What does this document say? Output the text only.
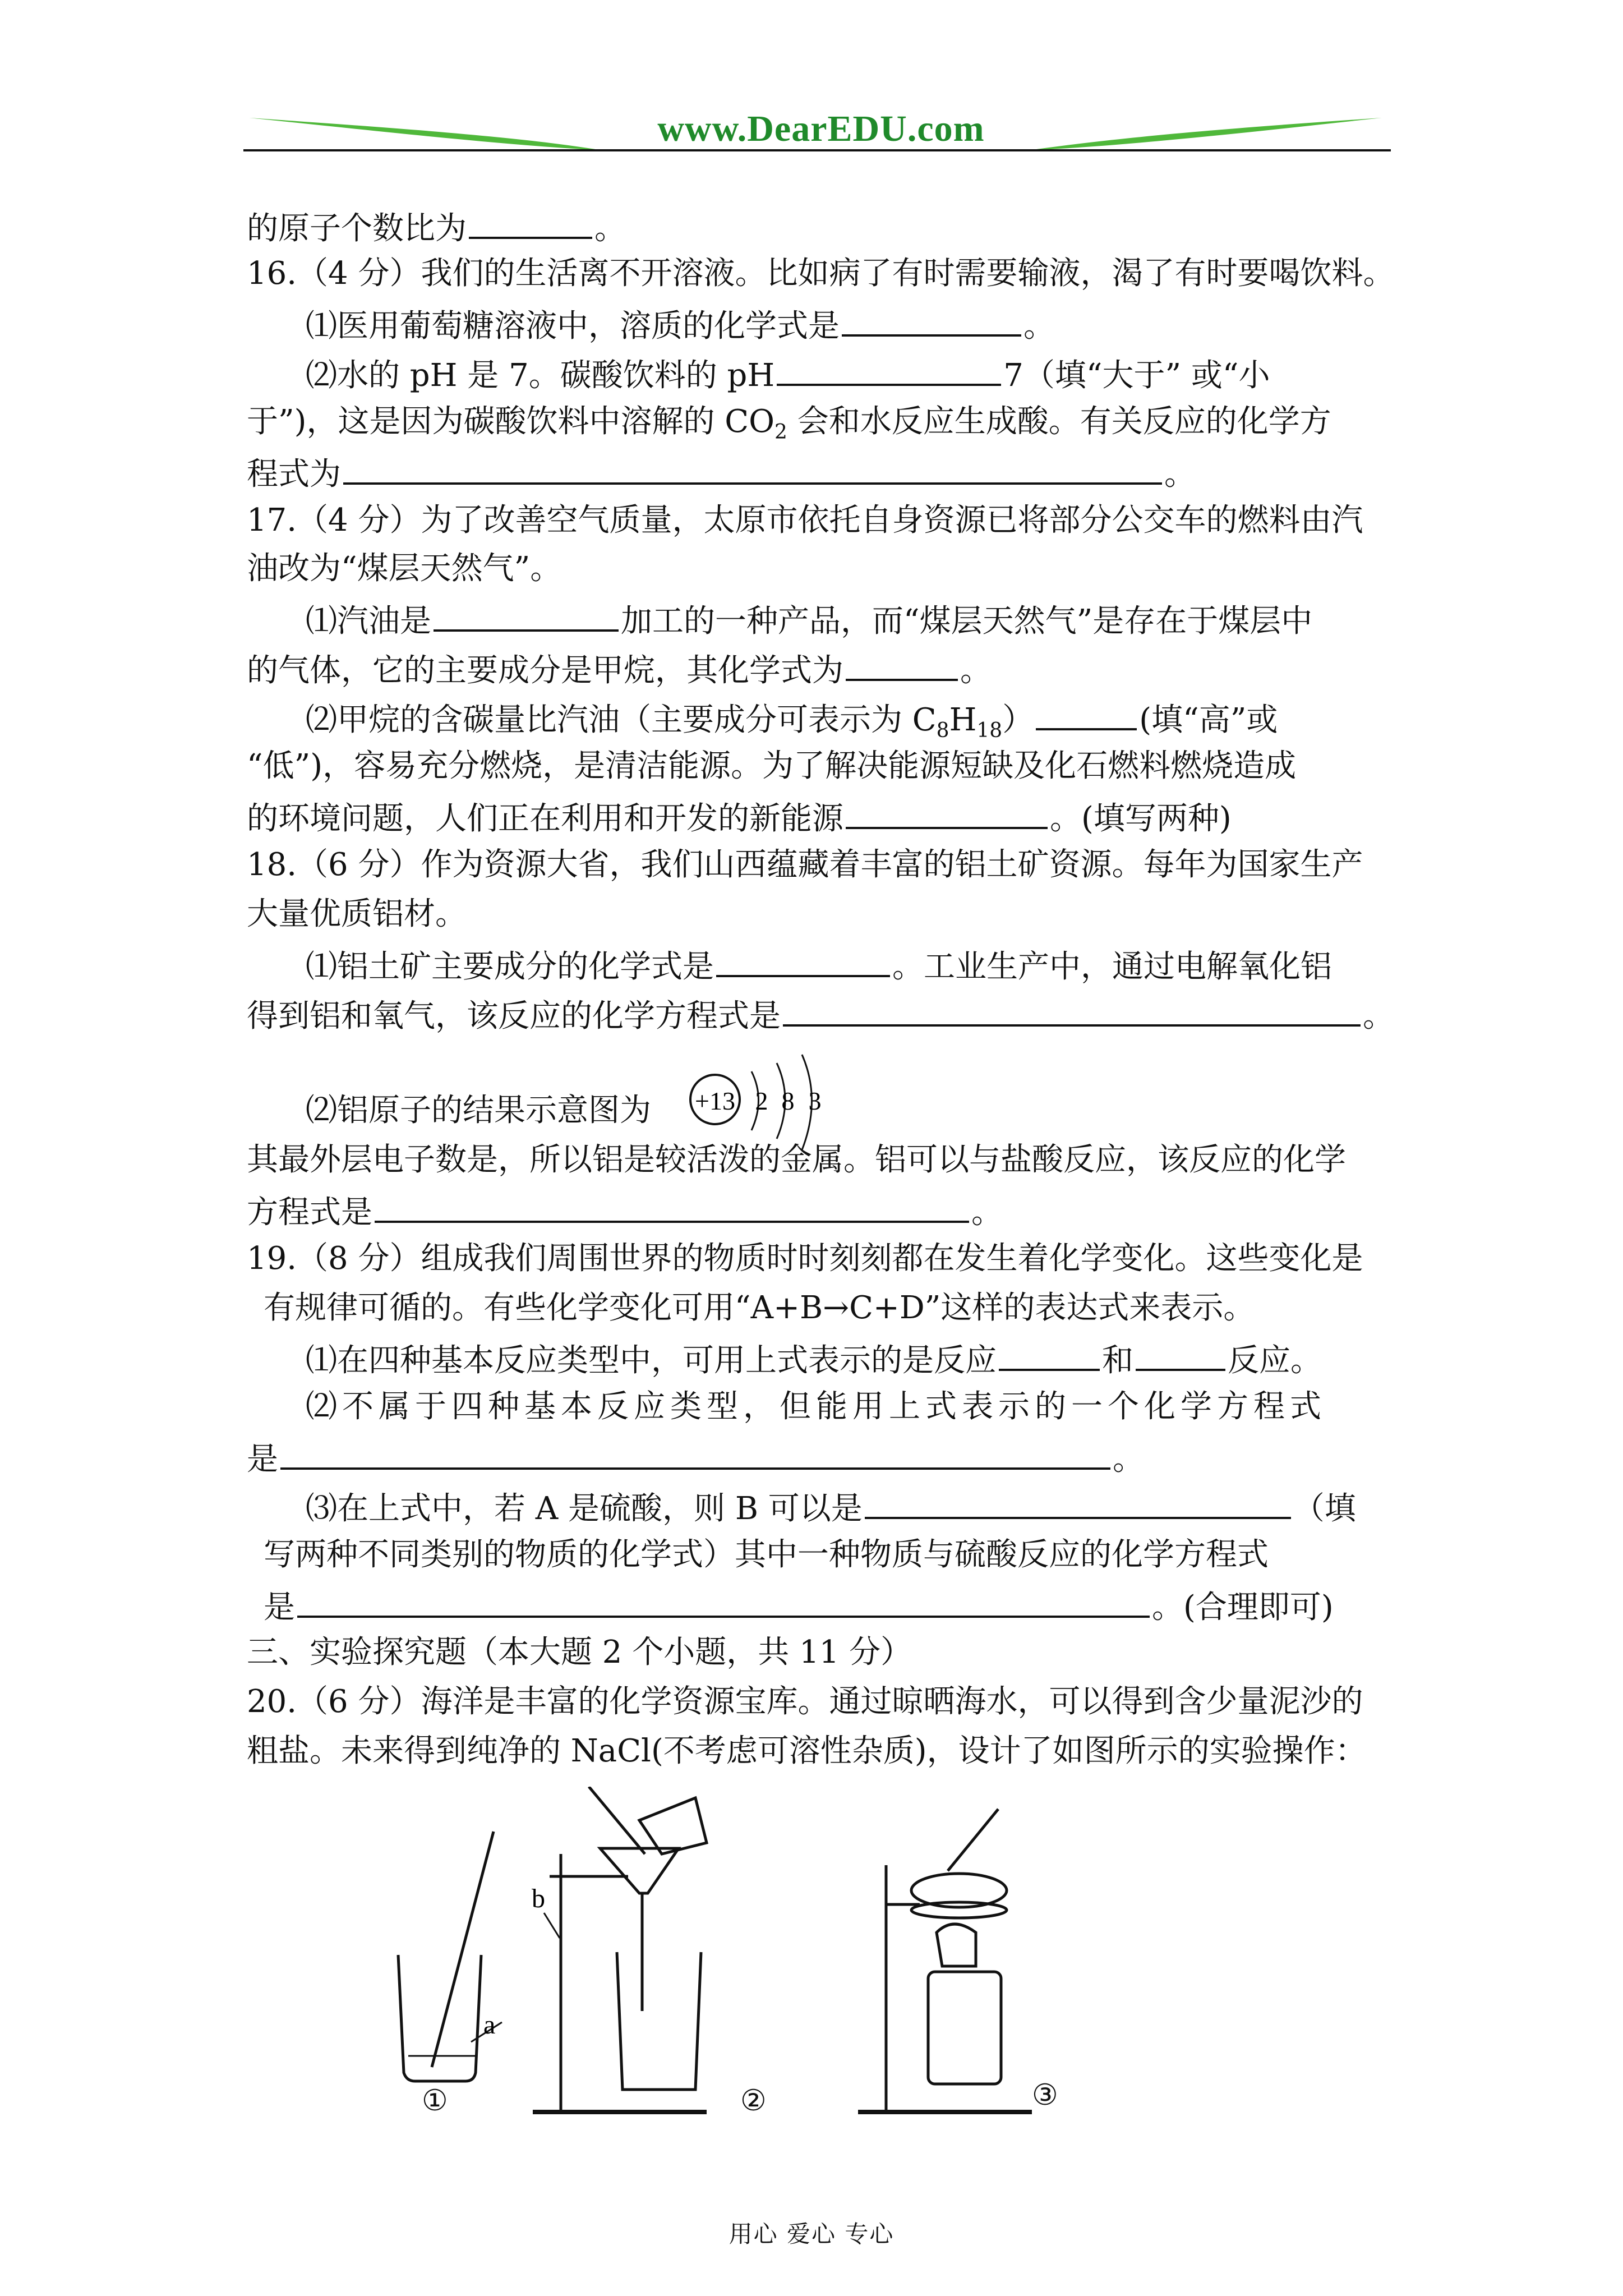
www.DearEDU.com
的原子个数比为	。
16.（4 分）我们的生活离不开溶液。比如病了有时需要输液，渴了有时要喝饮料。
⑴医用葡萄糖溶液中，溶质的化学式是	。
⑵水的 pH 是 7。碳酸饮料的 pH	7（填“大于” 或“小
于”)，这是因为碳酸饮料中溶解的 $CO_2$ 会和水反应生成酸。有关反应的化学方
程式为	。
17.（4 分）为了改善空气质量，太原市依托自身资源已将部分公交车的燃料由汽
油改为“煤层天然气”。
⑴汽油是	加工的一种产品，而“煤层天然气”是存在于煤层中
的气体，它的主要成分是甲烷，其化学式为	。
⑵甲烷的含碳量比汽油（主要成分可表示为 $C_8H_{18}$）	(填“高”或
“低”)，容易充分燃烧，是清洁能源。为了解决能源短缺及化石燃料燃烧造成
的环境问题，人们正在利用和开发的新能源	。(填写两种)
18.（6 分）作为资源大省，我们山西蕴藏着丰富的铝土矿资源。每年为国家生产
大量优质铝材。
⑴铝土矿主要成分的化学式是	。工业生产中，通过电解氧化铝
得到铝和氧气，该反应的化学方程式是	。
⑵铝原子的结果示意图为 +13 2 8 3
其最外层电子数是，所以铝是较活泼的金属。铝可以与盐酸反应，该反应的化学
方程式是	。
19.（8 分）组成我们周围世界的物质时时刻刻都在发生着化学变化。这些变化是
有规律可循的。有些化学变化可用“A+B→C+D”这样的表达式来表示。
⑴在四种基本反应类型中，可用上式表示的是反应	和	反应。
⑵不属于四种基本反应类型，但能用上式表示的一个化学方程式
是	。
⑶在上式中，若 A 是硫酸，则 B 可以是	（填
写两种不同类别的物质的化学式）其中一种物质与硫酸反应的化学方程式
是	。(合理即可)
三、实验探究题（本大题 2 个小题，共 11 分）
20.（6 分）海洋是丰富的化学资源宝库。通过晾晒海水，可以得到含少量泥沙的
粗盐。未来得到纯净的 NaCl(不考虑可溶性杂质)，设计了如图所示的实验操作：
a
b
①	②	③
用心 爱心 专心
